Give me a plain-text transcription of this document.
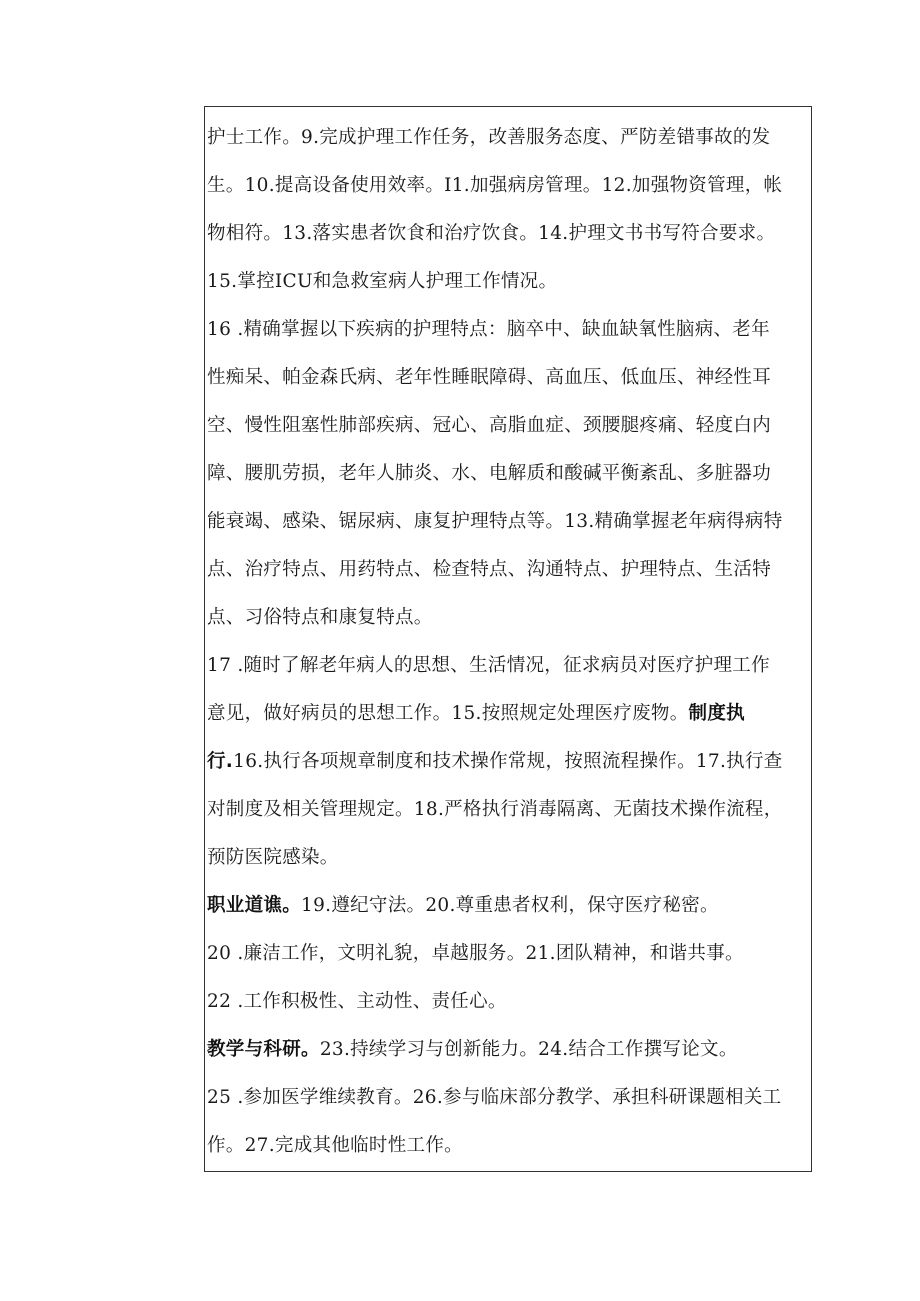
护士工作。9.完成护理工作任务，改善服务态度、严防差错事故的发
生。10.提高设备使用效率。I1.加强病房管理。12.加强物资管理，帐
物相符。13.落实患者饮食和治疗饮食。14.护理文书书写符合要求。
15.掌控ICU和急救室病人护理工作情况。
16 .精确掌握以下疾病的护理特点：脑卒中、缺血缺氧性脑病、老年
性痴呆、帕金森氏病、老年性睡眠障碍、高血压、低血压、神经性耳
空、慢性阻塞性肺部疾病、冠心、高脂血症、颈腰腿疼痛、轻度白内
障、腰肌劳损，老年人肺炎、水、电解质和酸碱平衡紊乱、多脏器功
能衰竭、感染、锯尿病、康复护理特点等。13.精确掌握老年病得病特
点、治疗特点、用药特点、检查特点、沟通特点、护理特点、生活特
点、习俗特点和康复特点。
17 .随时了解老年病人的思想、生活情况，征求病员对医疗护理工作
意见，做好病员的思想工作。15.按照规定处理医疗废物。制度执
行.16.执行各项规章制度和技术操作常规，按照流程操作。17.执行查
对制度及相关管理规定。18.严格执行消毒隔离、无菌技术操作流程，
预防医院感染。
职业道谯。19.遵纪守法。20.尊重患者权利，保守医疗秘密。
20 .廉洁工作，文明礼貌，卓越服务。21.团队精神，和谐共事。
22 .工作积极性、主动性、责任心。
教学与科研。23.持续学习与创新能力。24.结合工作撰写论文。
25 .参加医学维续教育。26.参与临床部分教学、承担科研课题相关工
作。27.完成其他临时性工作。
